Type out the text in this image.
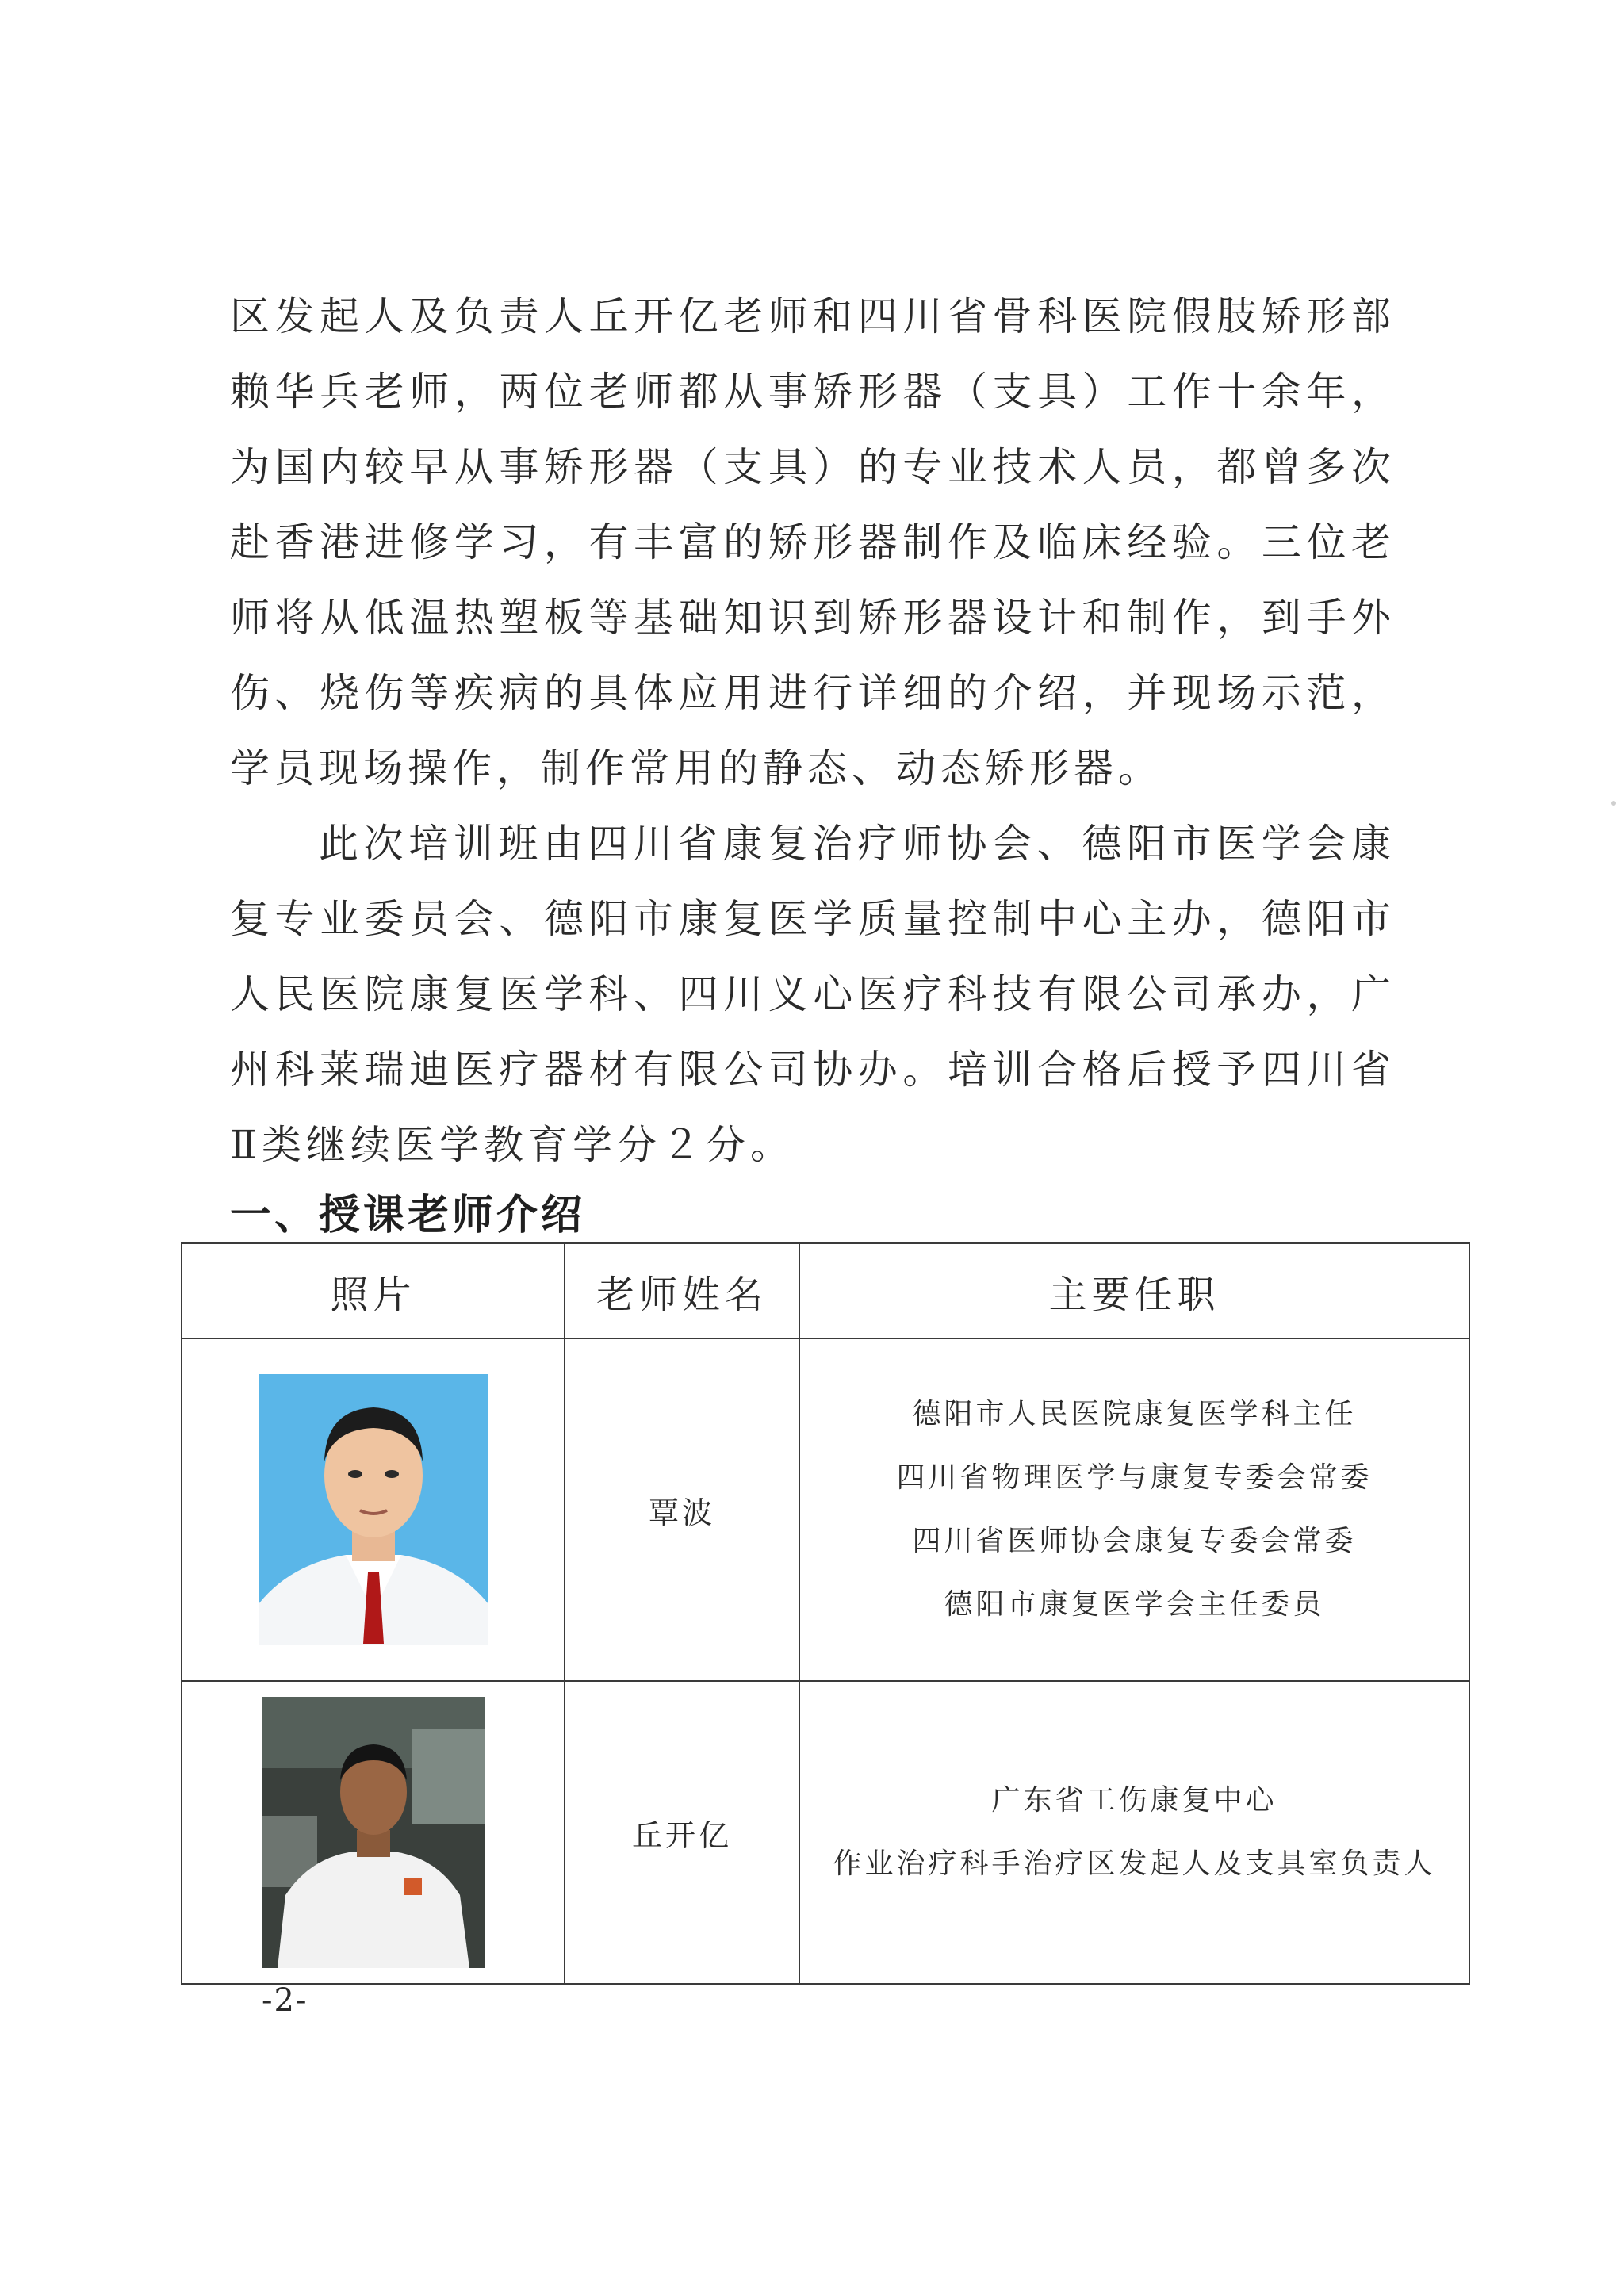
区发起人及负责人丘开亿老师和四川省骨科医院假肢矫形部赖华兵老师，两位老师都从事矫形器（支具）工作十余年，为国内较早从事矫形器（支具）的专业技术人员，都曾多次赴香港进修学习，有丰富的矫形器制作及临床经验。三位老师将从低温热塑板等基础知识到矫形器设计和制作，到手外伤、烧伤等疾病的具体应用进行详细的介绍，并现场示范，学员现场操作，制作常用的静态、动态矫形器。

此次培训班由四川省康复治疗师协会、德阳市医学会康复专业委员会、德阳市康复医学质量控制中心主办，德阳市人民医院康复医学科、四川义心医疗科技有限公司承办，广州科莱瑞迪医疗器材有限公司协办。培训合格后授予四川省Ⅱ类继续医学教育学分２分。

一、授课老师介绍
照片	老师姓名	主要任职

	覃波	德阳市人民医院康复医学科主任
四川省物理医学与康复专委会常委
四川省医师协会康复专委会常委
德阳市康复医学会主任委员

	丘开亿	广东省工伤康复中心
作业治疗科手治疗区发起人及支具室负责人
-2-
